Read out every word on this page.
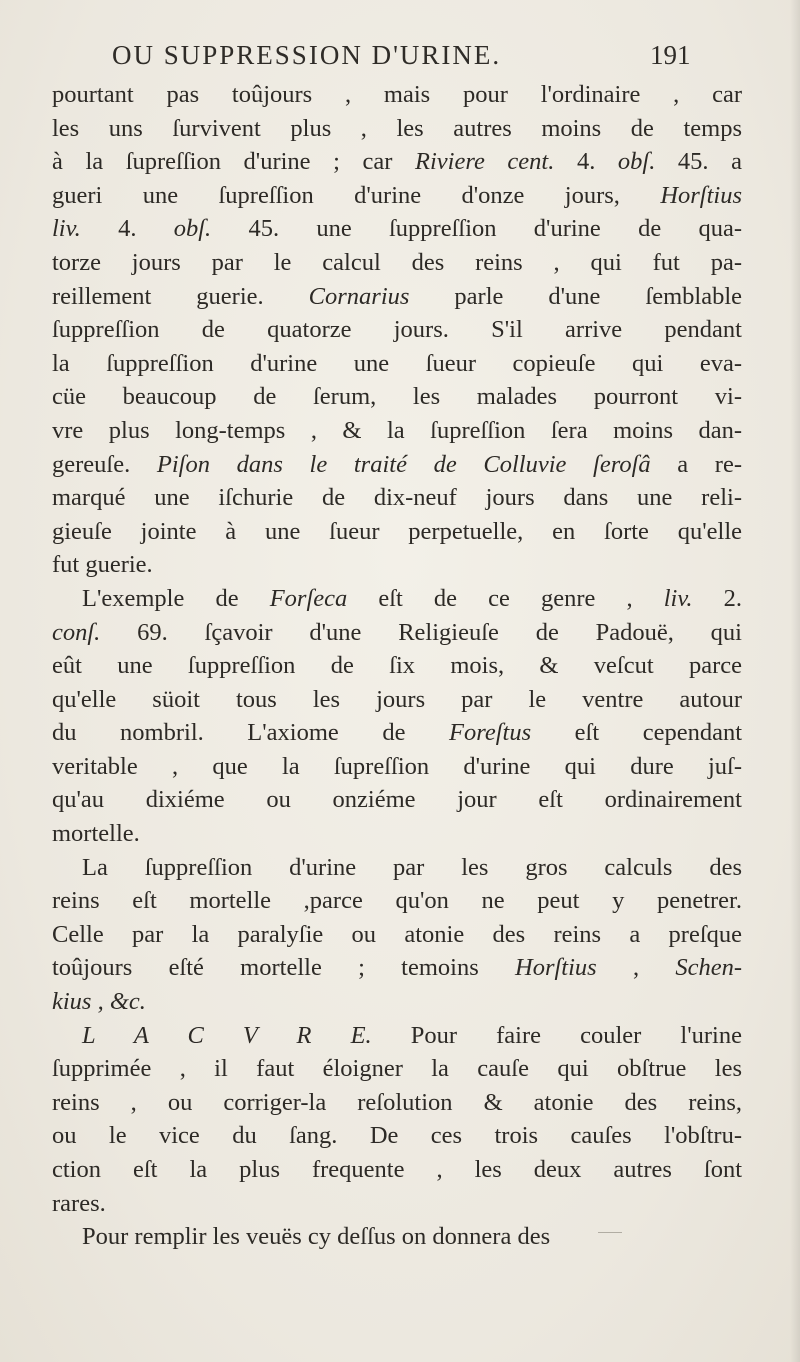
OU SUPPRESSION D'URINE.	191
pourtant pas toûjours , mais pour l'ordinaire , car
les uns ſurvivent plus , les autres moins de temps
à la ſupreſſion d'urine ; car Riviere cent. 4. obſ. 45. a
gueri une ſupreſſion d'urine d'onze jours, Horſtius
liv. 4. obſ. 45. une ſuppreſſion d'urine de qua-
torze jours par le calcul des reins , qui fut pa-
reillement guerie. Cornarius parle d'une ſemblable
ſuppreſſion de quatorze jours. S'il arrive pendant
la ſuppreſſion d'urine une ſueur copieuſe qui eva-
cüe beaucoup de ſerum, les malades pourront vi-
vre plus long-temps , & la ſupreſſion ſera moins dan-
gereuſe. Piſon dans le traité de Colluvie ſeroſâ a re-
marqué une iſchurie de dix-neuf jours dans une reli-
gieuſe jointe à une ſueur perpetuelle, en ſorte qu'elle
fut guerie.
L'exemple de Forſeca eſt de ce genre , liv. 2.
conſ. 69. ſçavoir d'une Religieuſe de Padouë, qui
eût une ſuppreſſion de ſix mois, & veſcut parce
qu'elle süoit tous les jours par le ventre autour
du nombril. L'axiome de Foreſtus eſt cependant
veritable , que la ſupreſſion d'urine qui dure juſ-
qu'au dixiéme ou onziéme jour eſt ordinairement
mortelle.
La ſuppreſſion d'urine par les gros calculs des
reins eſt mortelle ,parce qu'on ne peut y penetrer.
Celle par la paralyſie ou atonie des reins a preſque
toûjours eſté mortelle ; temoins Horſtius , Schen-
kius , &c.
L A C V R E. Pour faire couler l'urine
ſupprimée , il faut éloigner la cauſe qui obſtrue les
reins , ou corriger-la reſolution & atonie des reins,
ou le vice du ſang. De ces trois cauſes l'obſtru-
ction eſt la plus frequente , les deux autres ſont
rares.
Pour remplir les veuës cy deſſus on donnera des
